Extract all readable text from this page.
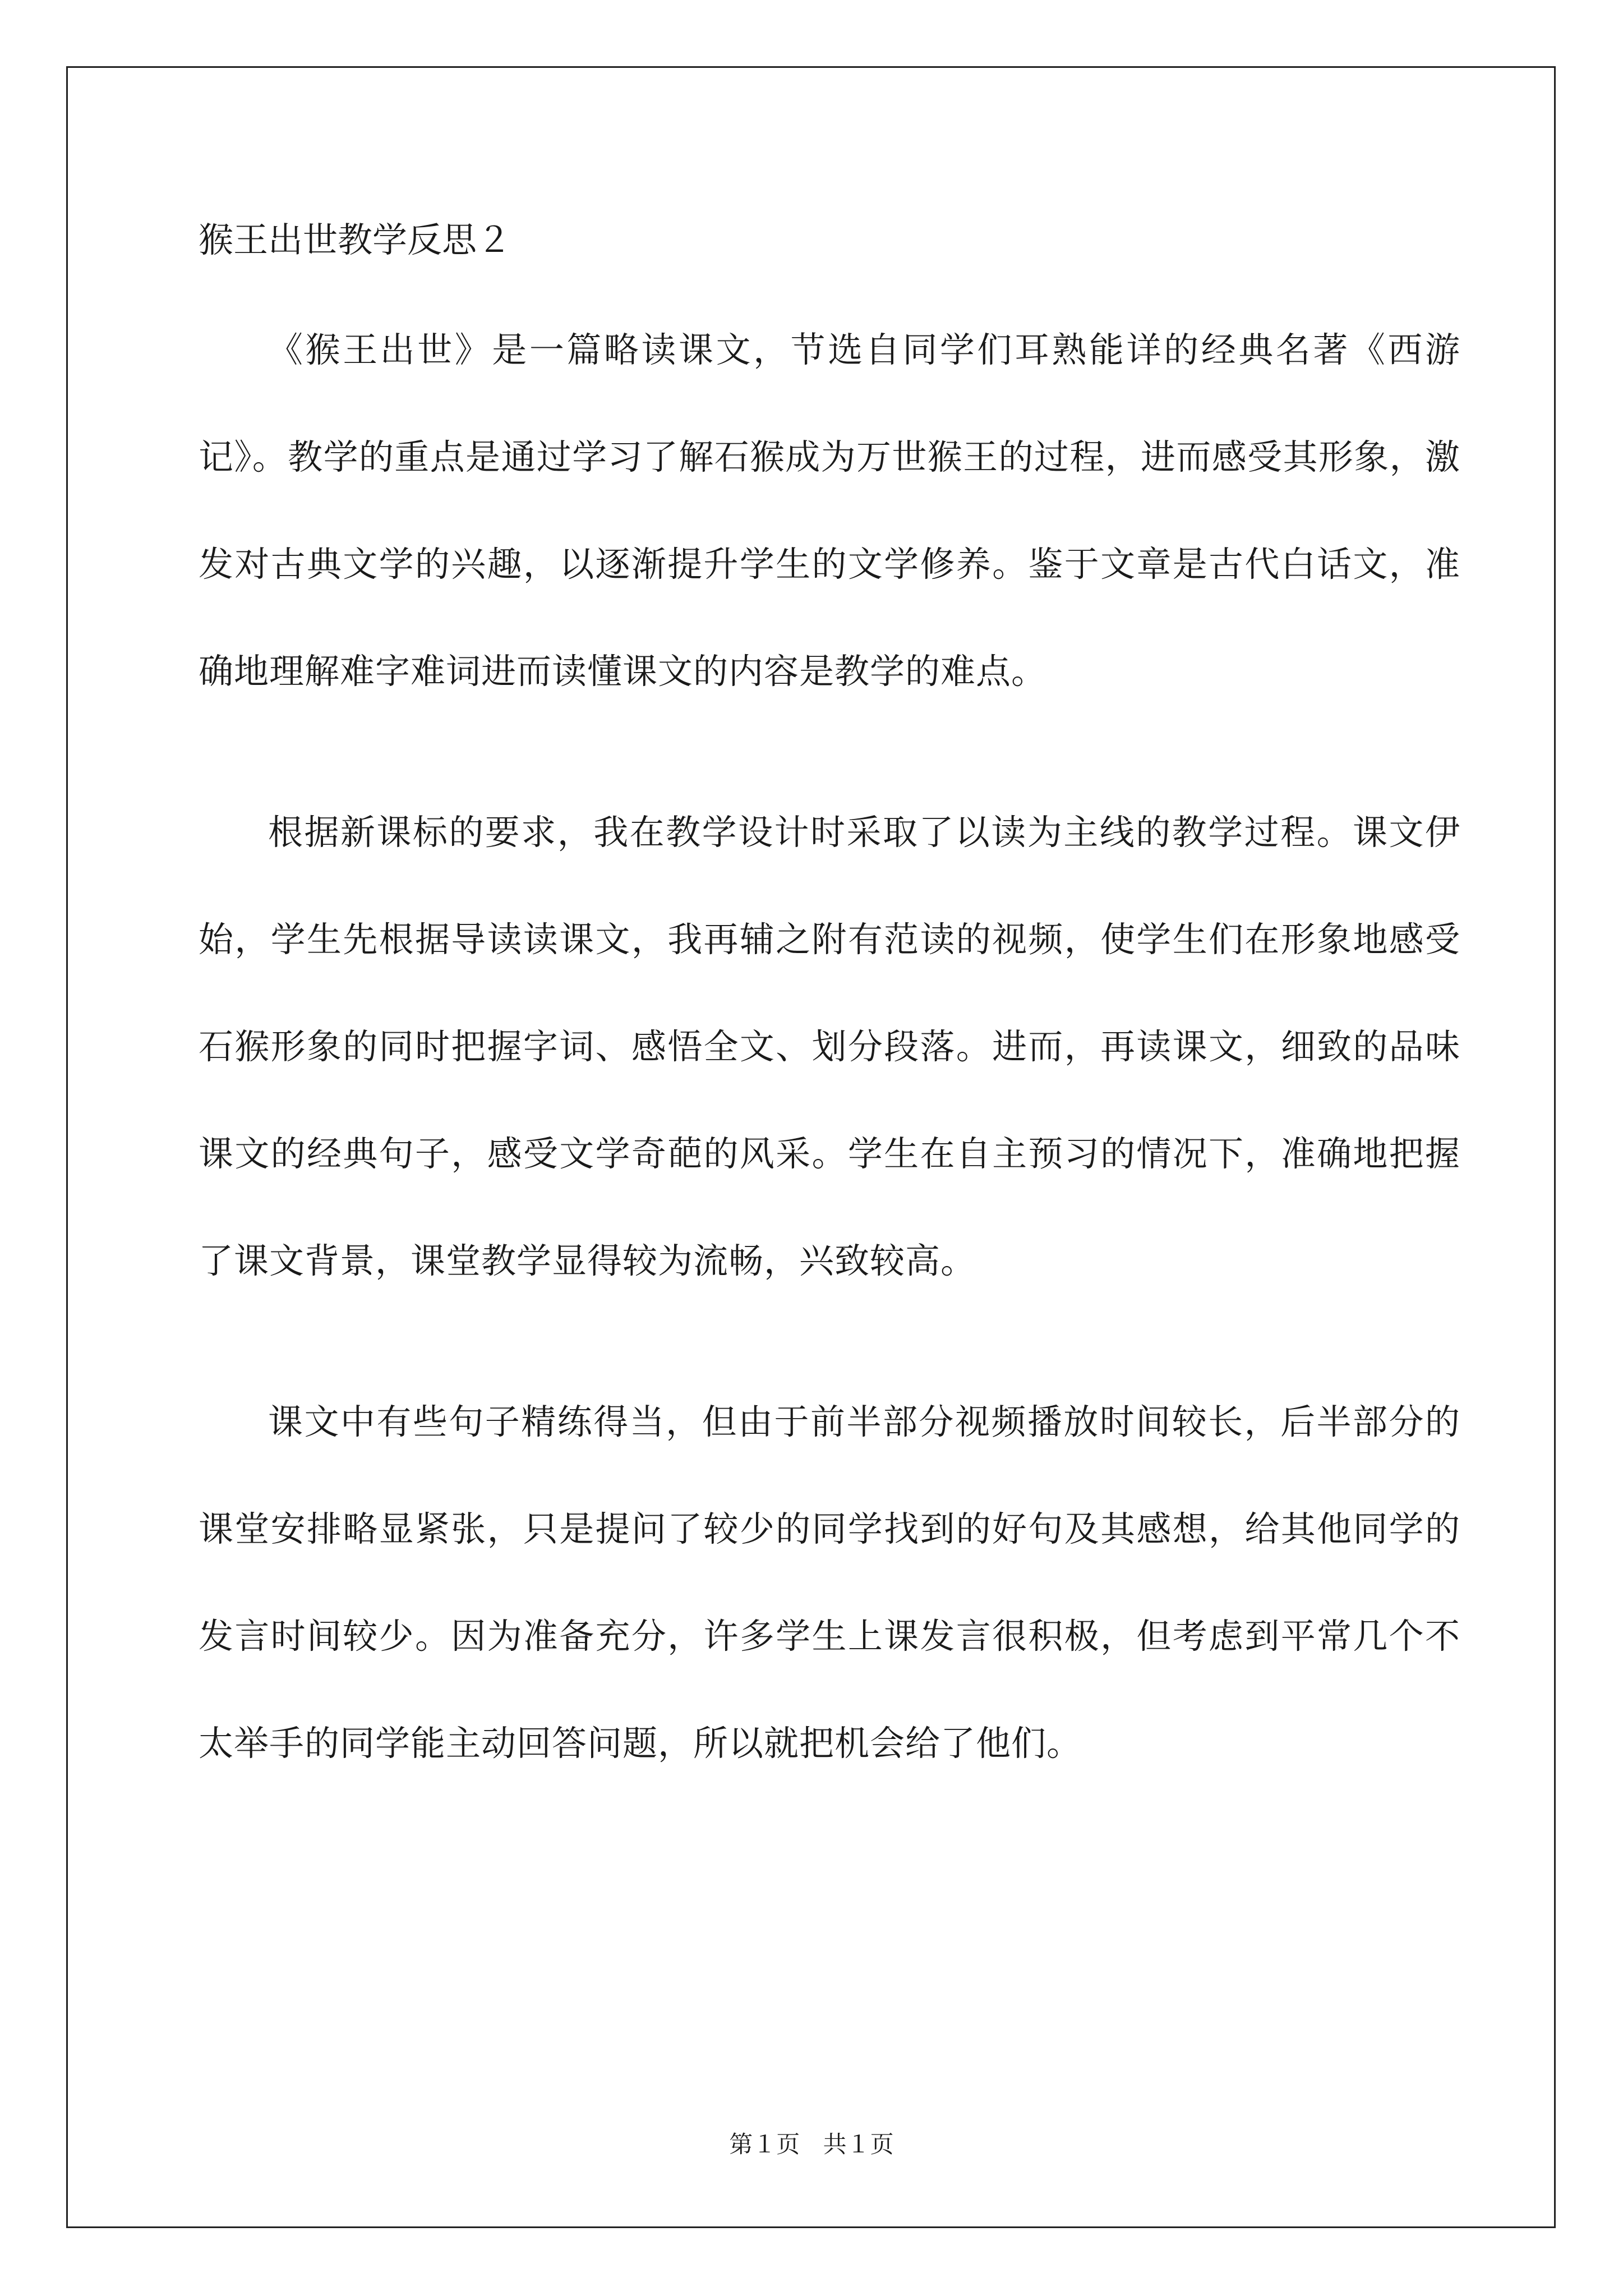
猴王出世教学反思２

《猴王出世》是一篇略读课文，节选自同学们耳熟能详的经典名著《西游记》。教学的重点是通过学习了解石猴成为万世猴王的过程，进而感受其形象，激发对古典文学的兴趣，以逐渐提升学生的文学修养。鉴于文章是古代白话文，准确地理解难字难词进而读懂课文的内容是教学的难点。

根据新课标的要求，我在教学设计时采取了以读为主线的教学过程。课文伊始，学生先根据导读读课文，我再辅之附有范读的视频，使学生们在形象地感受石猴形象的同时把握字词、感悟全文、划分段落。进而，再读课文，细致的品味课文的经典句子，感受文学奇葩的风采。学生在自主预习的情况下，准确地把握了课文背景，课堂教学显得较为流畅，兴致较高。

课文中有些句子精练得当，但由于前半部分视频播放时间较长，后半部分的课堂安排略显紧张，只是提问了较少的同学找到的好句及其感想，给其他同学的发言时间较少。因为准备充分，许多学生上课发言很积极，但考虑到平常几个不太举手的同学能主动回答问题，所以就把机会给了他们。

第１页 共１页
